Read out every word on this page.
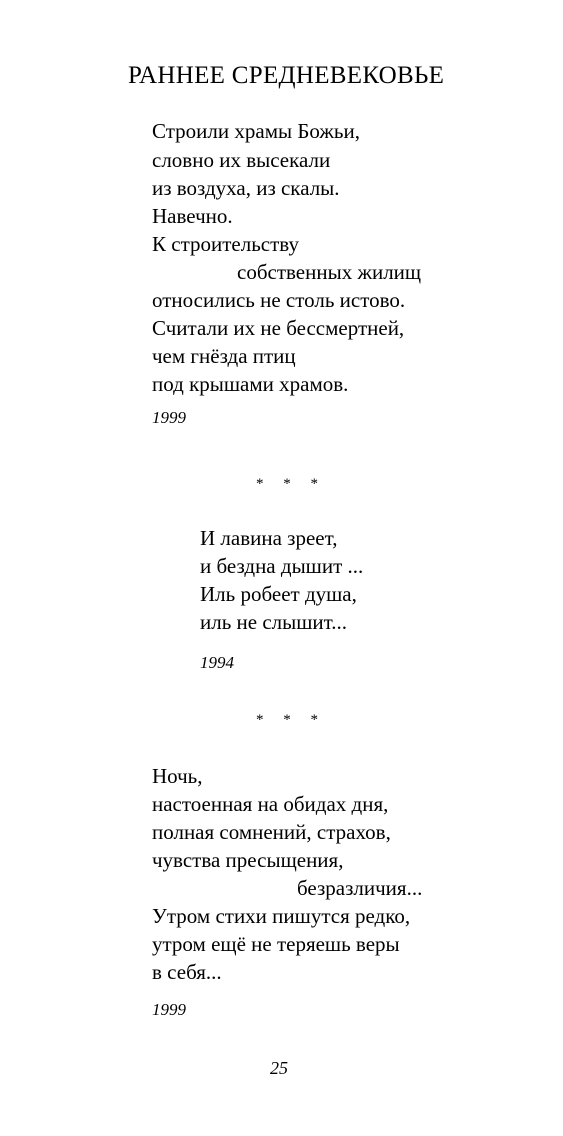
РАННЕЕ СРЕДНЕВЕКОВЬЕ
Строили храмы Божьи,
словно их высекали
из воздуха, из скалы.
Навечно.
К строительству
собственных жилищ
относились не столь истово.
Считали их не бессмертней,
чем гнёзда птиц
под крышами храмов.
1999
* * *
И лавина зреет,
и бездна дышит ...
Иль робеет душа,
иль не слышит...
1994
* * *
Ночь,
настоенная на обидах дня,
полная сомнений, страхов,
чувства пресыщения,
безразличия...
Утром стихи пишутся редко,
утром ещё не теряешь веры
в себя...
1999
25
